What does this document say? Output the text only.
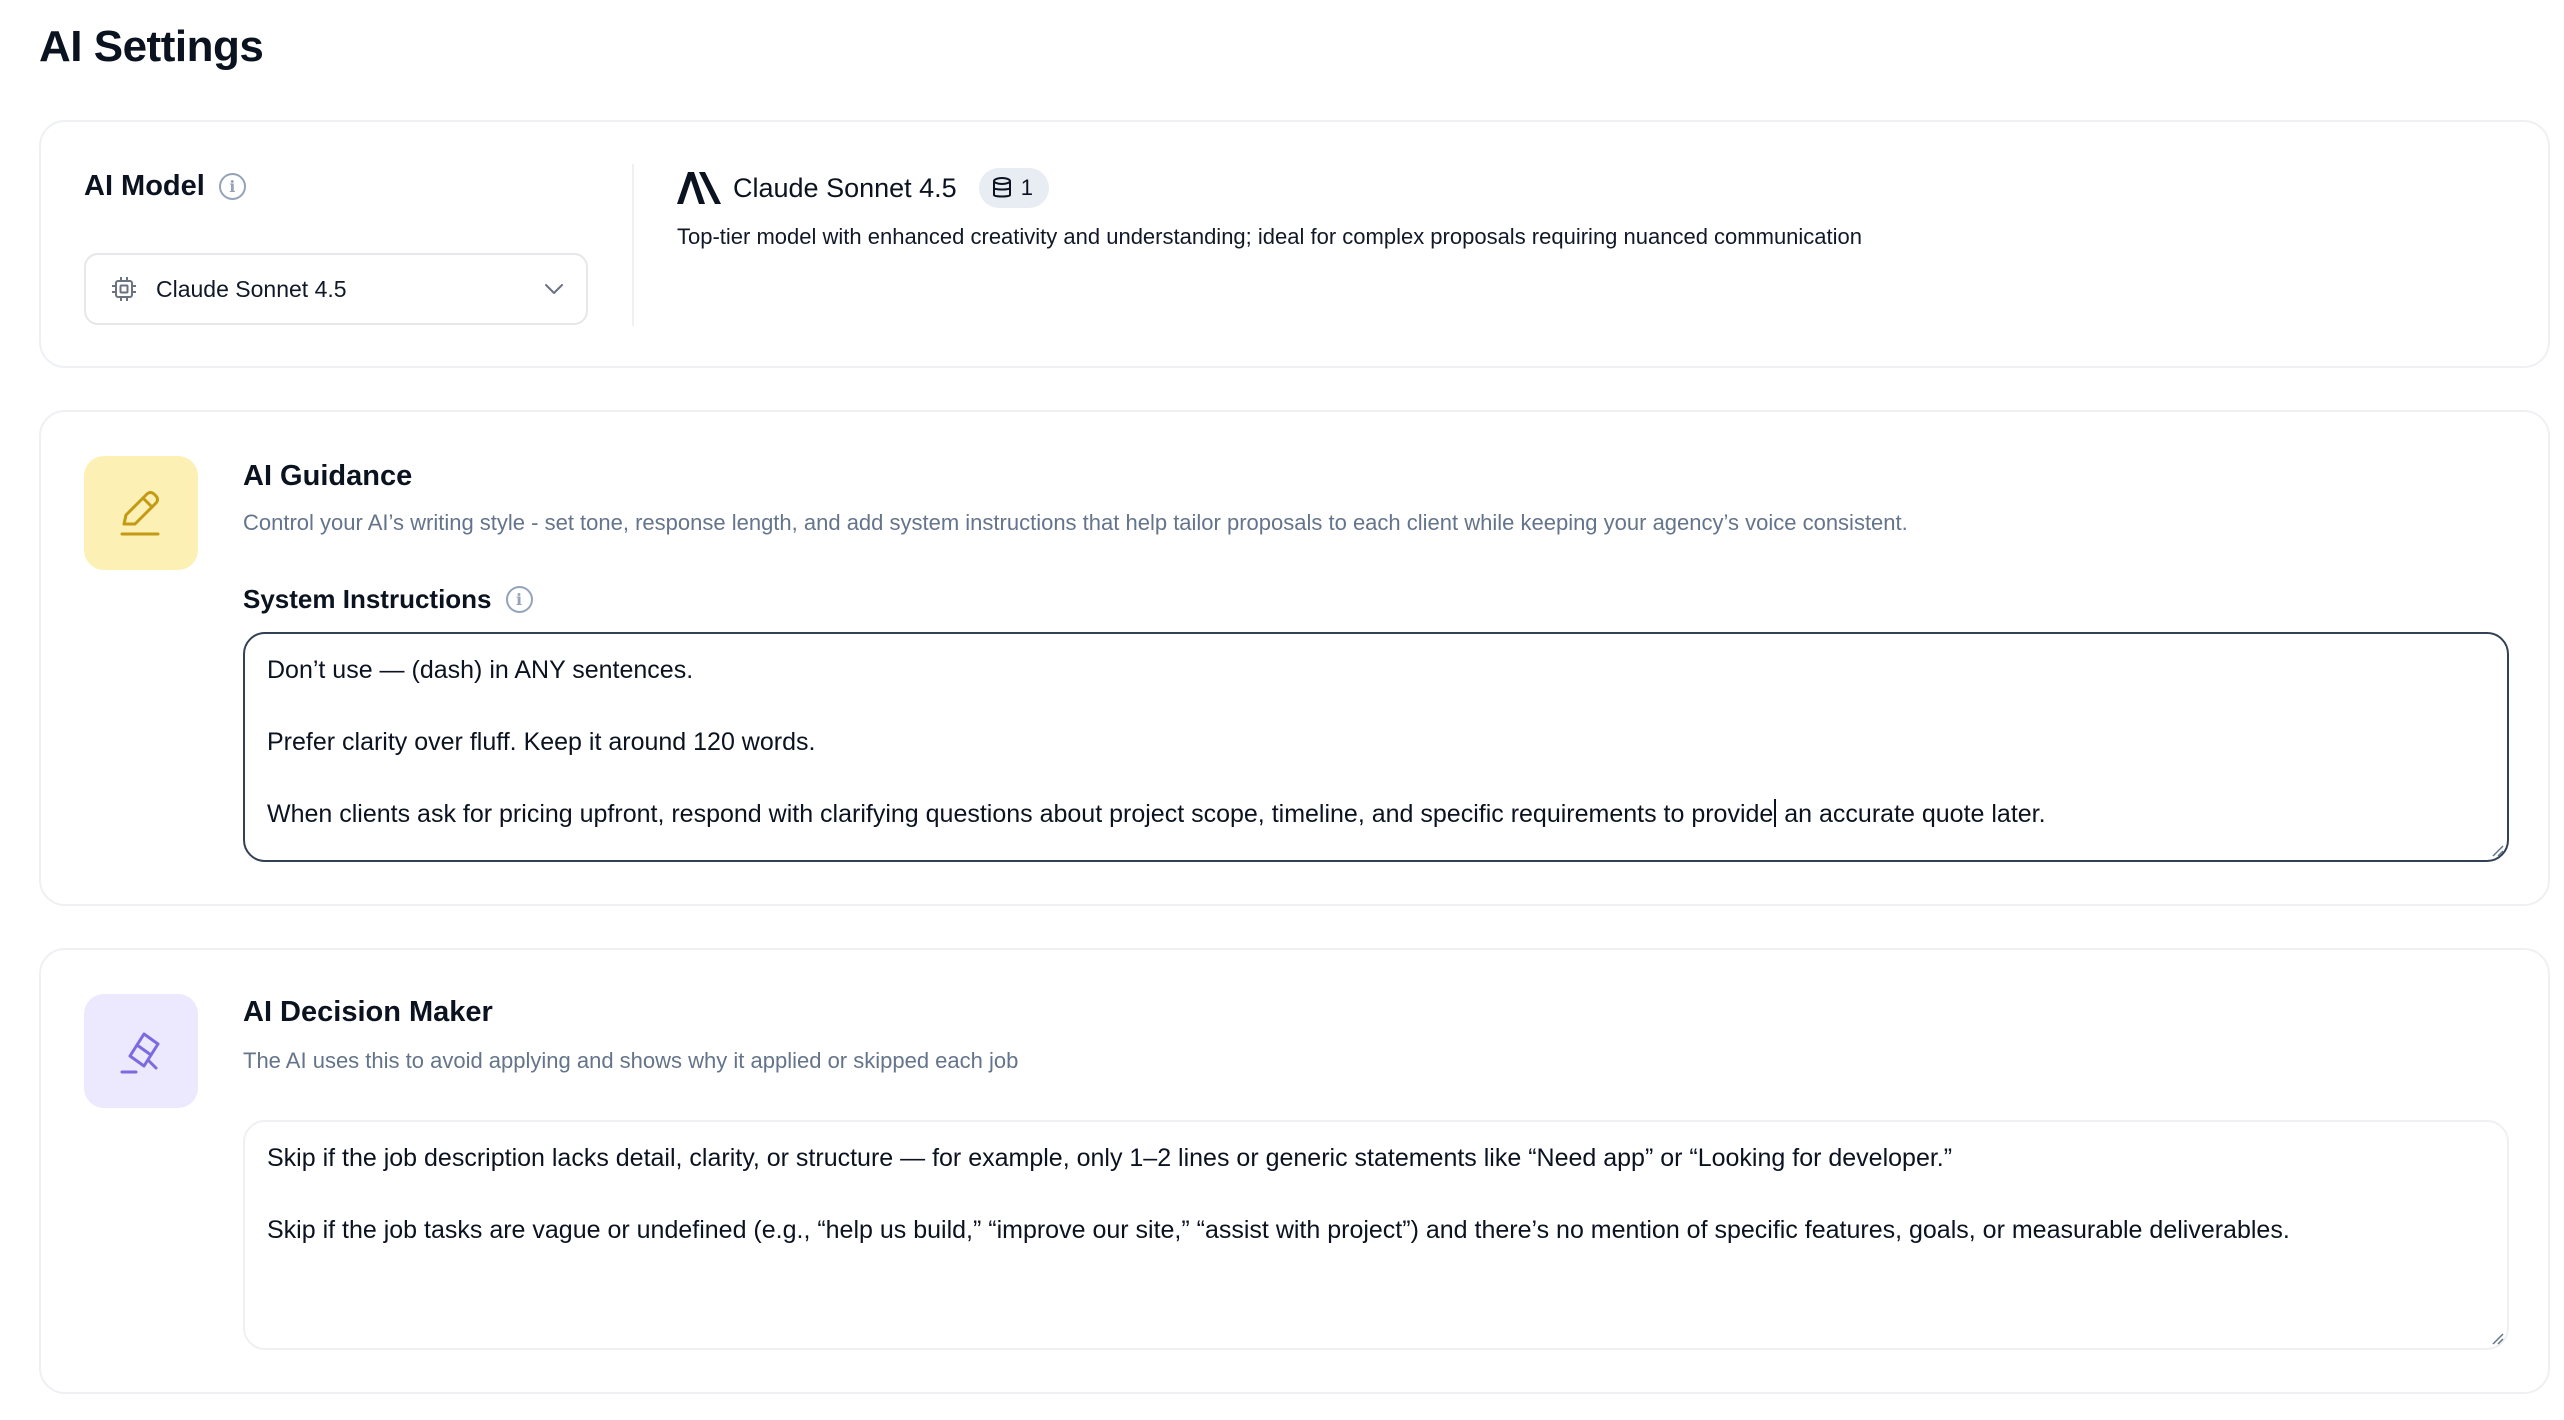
AI Settings
AI Model	i
Claude Sonnet 4.5
Claude Sonnet 4.5	1
Top-tier model with enhanced creativity and understanding; ideal for complex proposals requiring nuanced communication
AI Guidance

Control your AI’s writing style - set tone, response length, and add system instructions that help tailor proposals to each client while keeping your agency’s voice consistent.

System Instructions	i

Don’t use — (dash) in ANY sentences.

Prefer clarity over fluff. Keep it around 120 words.

When clients ask for pricing upfront, respond with clarifying questions about project scope, timeline, and specific requirements to provide an accurate quote later.

AI Decision Maker

The AI uses this to avoid applying and shows why it applied or skipped each job

Skip if the job description lacks detail, clarity, or structure — for example, only 1–2 lines or generic statements like “Need app” or “Looking for developer.”

Skip if the job tasks are vague or undefined (e.g., “help us build,” “improve our site,” “assist with project”) and there’s no mention of specific features, goals, or measurable deliverables.
